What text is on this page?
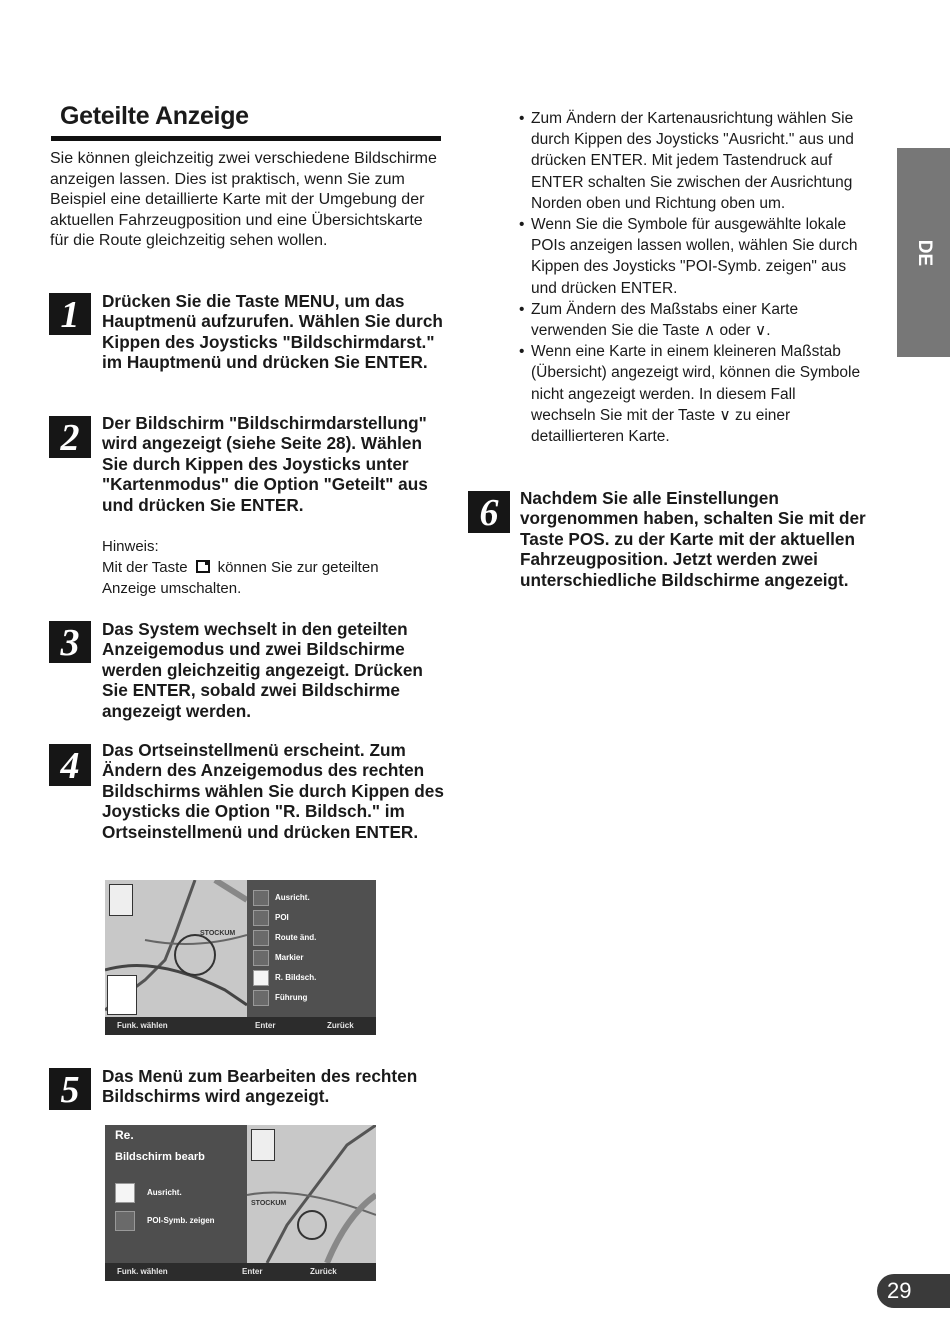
Geteilte Anzeige
Sie können gleichzeitig zwei verschiedene Bildschirme anzeigen lassen. Dies ist praktisch, wenn Sie zum Beispiel eine detaillierte Karte mit der Umgebung der aktuellen Fahrzeugposition und eine Übersichtskarte für die Route gleichzeitig sehen wollen.
1	Drücken Sie die Taste MENU, um das Hauptmenü aufzurufen. Wählen Sie durch Kippen des Joysticks "Bildschirmdarst." im Hauptmenü und drücken Sie ENTER.
2	Der Bildschirm "Bildschirmdarstellung" wird angezeigt (siehe Seite 28). Wählen Sie durch Kippen des Joysticks unter "Kartenmodus" die Option "Geteilt" aus und drücken Sie ENTER.
Hinweis:
Mit der Taste können Sie zur geteilten
Anzeige umschalten.
3	Das System wechselt in den geteilten Anzeigemodus und zwei Bildschirme werden gleichzeitig angezeigt. Drücken Sie ENTER, sobald zwei Bildschirme angezeigt werden.
4	Das Ortseinstellmenü erscheint. Zum Ändern des Anzeigemodus des rechten Bildschirms wählen Sie durch Kippen des Joysticks die Option "R. Bildsch." im Ortseinstellmenü und drücken ENTER.
STOCKUM
Ausricht.
POI
Route änd.
Markier
R. Bildsch.
Führung
Funk. wählen	Enter	Zurück
5	Das Menü zum Bearbeiten des rechten Bildschirms wird angezeigt.
Re.
Bildschirm bearb
Ausricht.
POI-Symb. zeigen
STOCKUM
Funk. wählen	Enter	Zurück
• Zum Ändern der Kartenausrichtung wählen Sie durch Kippen des Joysticks "Ausricht." aus und drücken ENTER. Mit jedem Tastendruck auf ENTER schalten Sie zwischen der Ausrichtung Norden oben und Richtung oben um.
• Wenn Sie die Symbole für ausgewählte lokale POIs anzeigen lassen wollen, wählen Sie durch Kippen des Joysticks "POI-Symb. zeigen" aus und drücken ENTER.
• Zum Ändern des Maßstabs einer Karte verwenden Sie die Taste ∧ oder ∨.
• Wenn eine Karte in einem kleineren Maßstab (Übersicht) angezeigt wird, können die Symbole nicht angezeigt werden. In diesem Fall wechseln Sie mit der Taste ∨ zu einer detaillierteren Karte.
6	Nachdem Sie alle Einstellungen vorgenommen haben, schalten Sie mit der Taste POS. zu der Karte mit der aktuellen Fahrzeugposition. Jetzt werden zwei unterschiedliche Bildschirme angezeigt.
DE
29
